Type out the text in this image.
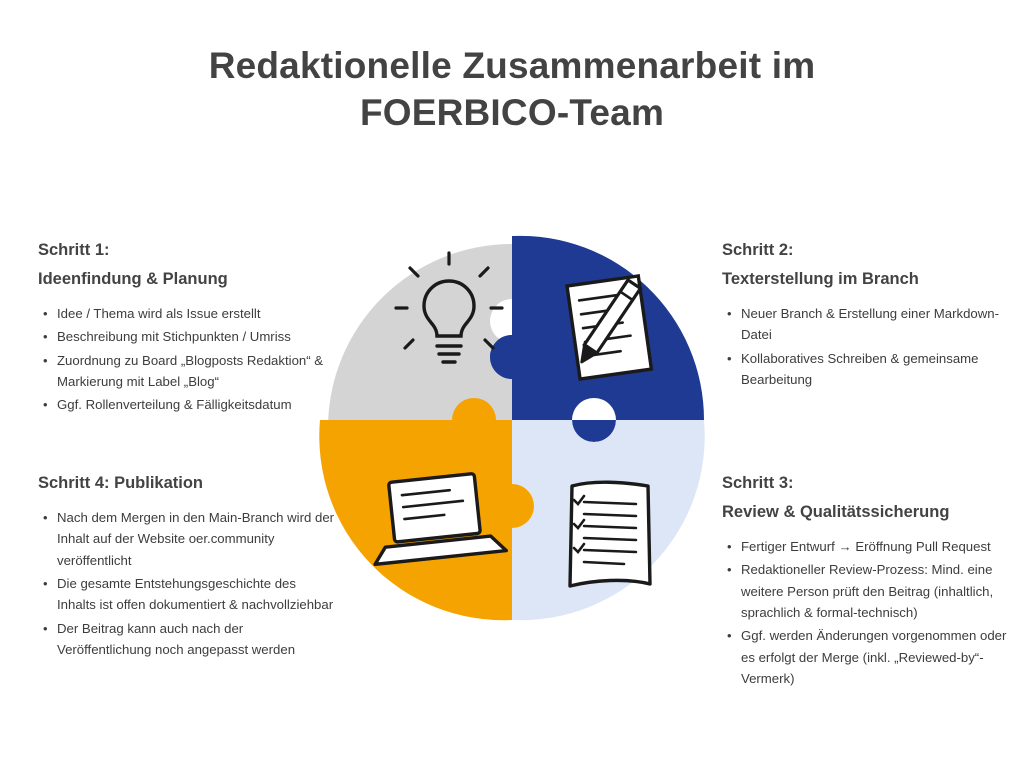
Redaktionelle Zusammenarbeit im
FOERBICO-Team
Schritt 1:
Ideenfindung & Planung
• Idee / Thema wird als Issue erstellt
• Beschreibung mit Stichpunkten / Umriss
• Zuordnung zu Board „Blogposts Redaktion“ & Markierung mit Label „Blog“
• Ggf. Rollenverteilung & Fälligkeitsdatum
Schritt 2:
Texterstellung im Branch
• Neuer Branch & Erstellung einer Markdown-Datei
• Kollaboratives Schreiben & gemeinsame Bearbeitung
Schritt 4: Publikation
• Nach dem Mergen in den Main-Branch wird der Inhalt auf der Website oer.community veröffentlicht
• Die gesamte Entstehungsgeschichte des Inhalts ist offen dokumentiert & nachvollziehbar
• Der Beitrag kann auch nach der Veröffentlichung noch angepasst werden
Schritt 3:
Review & Qualitätssicherung
• Fertiger Entwurf → Eröffnung Pull Request
• Redaktioneller Review-Prozess: Mind. eine weitere Person prüft den Beitrag (inhaltlich, sprachlich & formal-technisch)
• Ggf. werden Änderungen vorgenommen oder es erfolgt der Merge (inkl. „Reviewed-by“-Vermerk)
